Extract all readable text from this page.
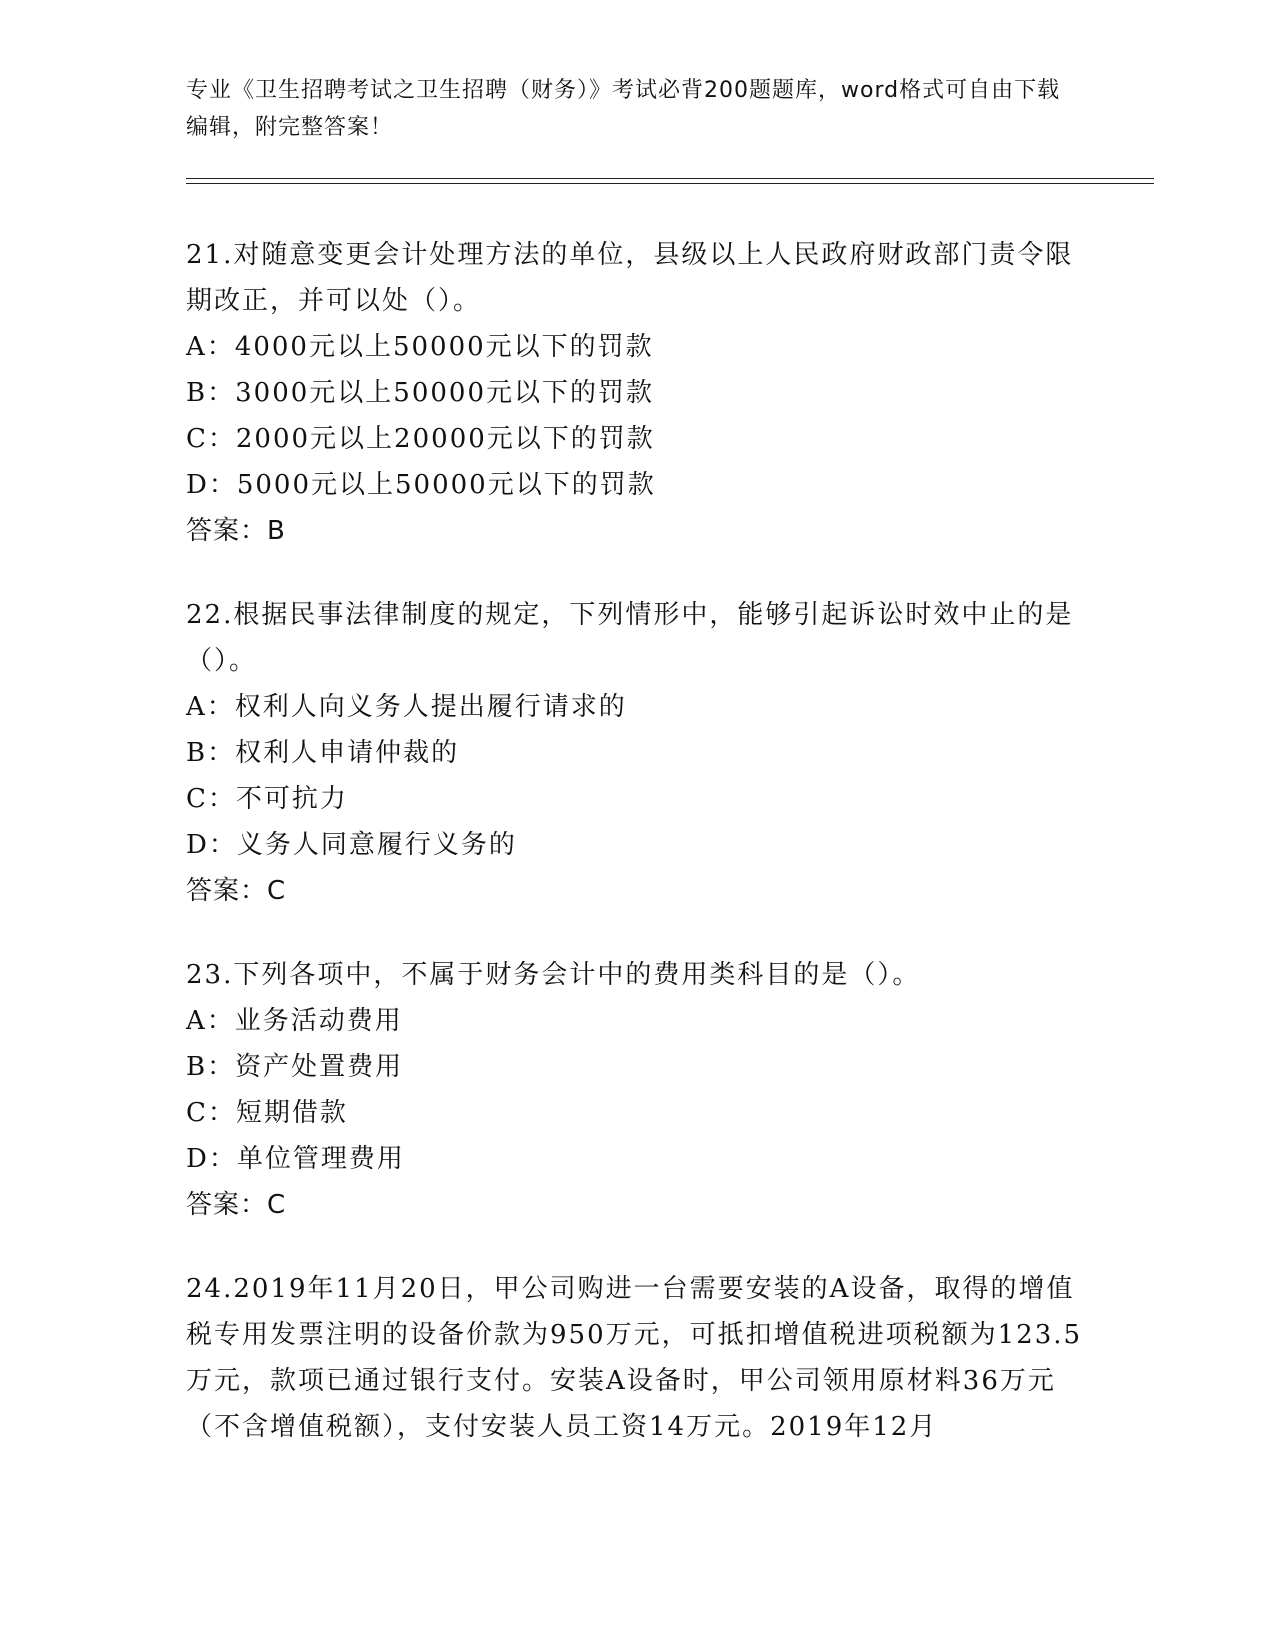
专业《卫生招聘考试之卫生招聘（财务）》考试必背200题题库，word格式可自由下载编辑，附完整答案！
21.对随意变更会计处理方法的单位，县级以上人民政府财政部门责令限期改正，并可以处（）。
A：4000元以上50000元以下的罚款
B：3000元以上50000元以下的罚款
C：2000元以上20000元以下的罚款
D：5000元以上50000元以下的罚款
答案：B
22.根据民事法律制度的规定，下列情形中，能够引起诉讼时效中止的是（）。
A：权利人向义务人提出履行请求的
B：权利人申请仲裁的
C：不可抗力
D：义务人同意履行义务的
答案：C
23.下列各项中，不属于财务会计中的费用类科目的是（）。
A：业务活动费用
B：资产处置费用
C：短期借款
D：单位管理费用
答案：C
24.2019年11月20日，甲公司购进一台需要安装的A设备，取得的增值税专用发票注明的设备价款为950万元，可抵扣增值税进项税额为123.5万元，款项已通过银行支付。安装A设备时，甲公司领用原材料36万元（不含增值税额），支付安装人员工资14万元。2019年12月
